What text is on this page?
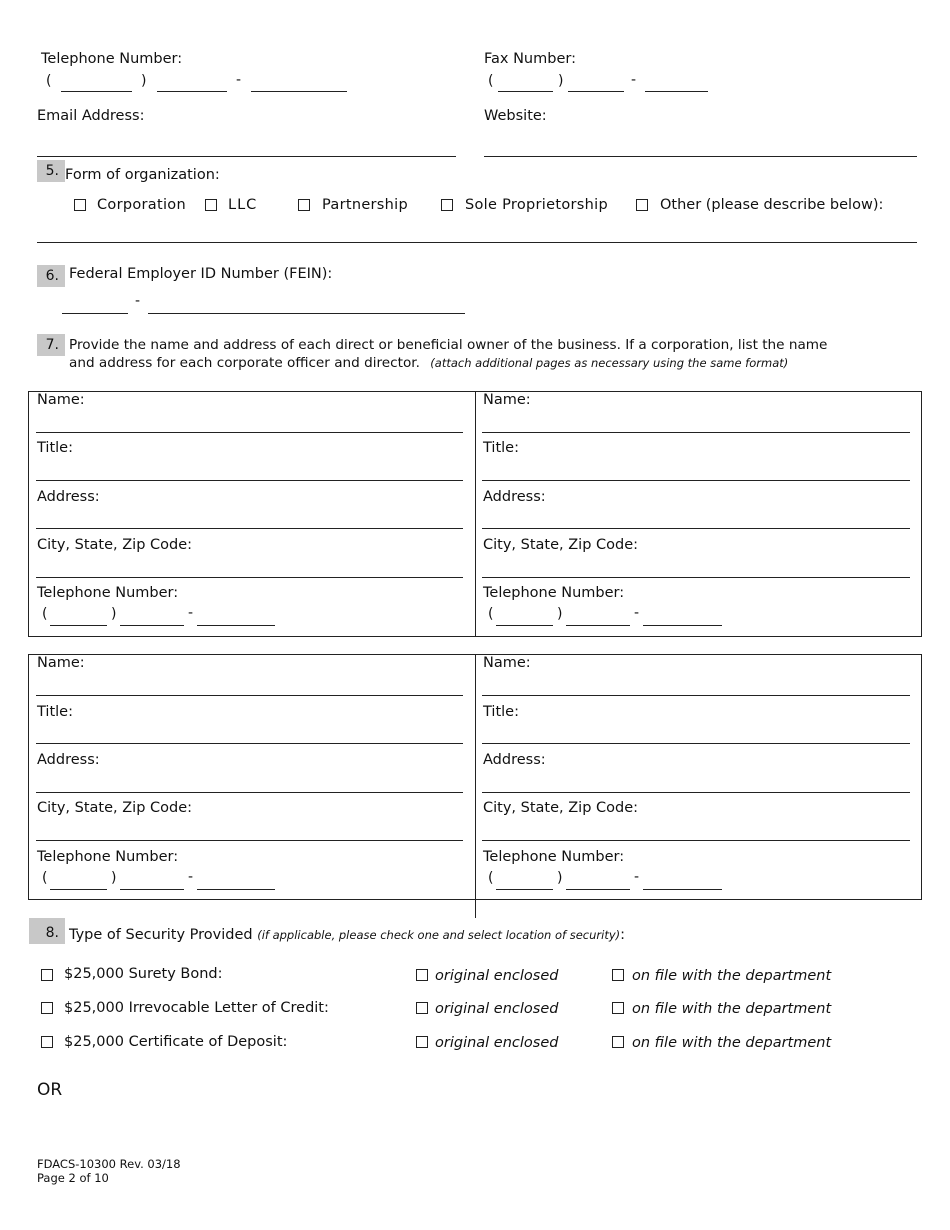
Telephone Number:
(	)	-
Fax Number:
(	)	-
Email Address:	Website:
5. Form of organization:
Corporation	LLC	Partnership	Sole Proprietorship	Other (please describe below):
6. Federal Employer ID Number (FEIN):
-
7. Provide the name and address of each direct or beneficial owner of the business. If a corporation, list the name
and address for each corporate officer and director. (attach additional pages as necessary using the same format)
Name:
Title:
Address:
City, State, Zip Code:
Telephone Number:
(	)	-
Name:
Title:
Address:
City, State, Zip Code:
Telephone Number:
(	)	-
Name:
Title:
Address:
City, State, Zip Code:
Telephone Number:
(	)	-
Name:
Title:
Address:
City, State, Zip Code:
Telephone Number:
(	)	-
8. Type of Security Provided (if applicable, please check one and select location of security):
$25,000 Surety Bond:	original enclosed	on file with the department
$25,000 Irrevocable Letter of Credit:	original enclosed	on file with the department
$25,000 Certificate of Deposit:	original enclosed	on file with the department
OR
FDACS-10300 Rev. 03/18
Page 2 of 10
